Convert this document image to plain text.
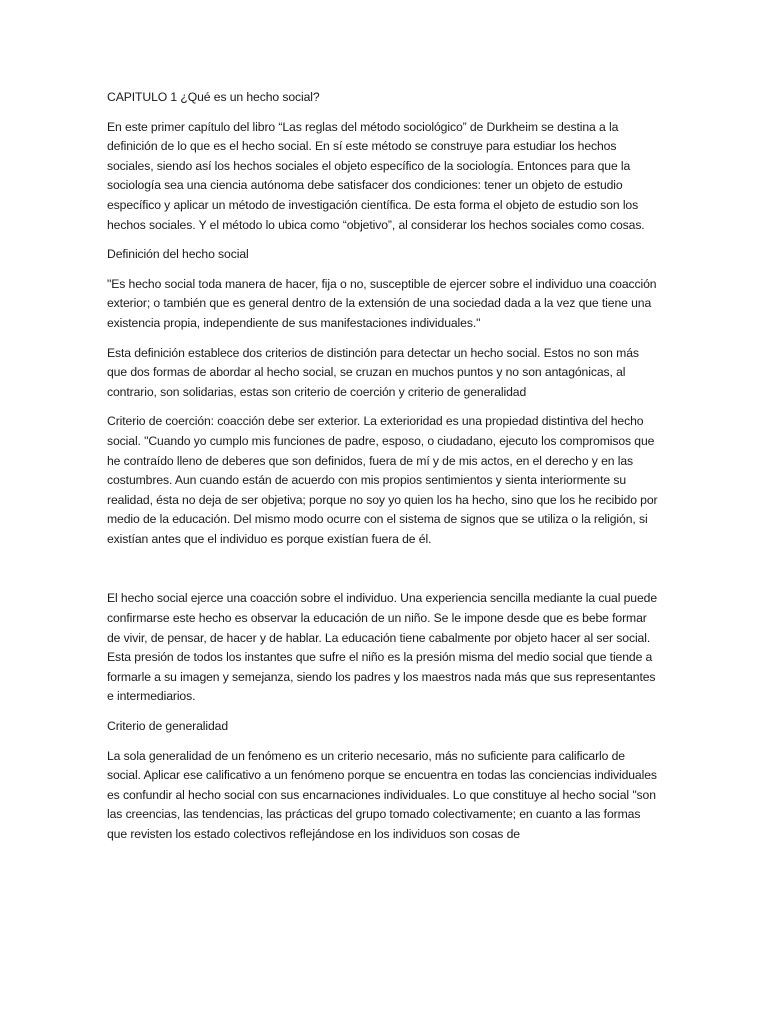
CAPITULO 1 ¿Qué es un hecho social?

En este primer capítulo del libro “Las reglas del método sociológico” de Durkheim se destina a la definición de lo que es el hecho social. En sí este método se construye para estudiar los hechos sociales, siendo así los hechos sociales el objeto específico de la sociología. Entonces para que la sociología sea una ciencia autónoma debe satisfacer dos condiciones: tener un objeto de estudio específico y aplicar un método de investigación científica. De esta forma el objeto de estudio son los hechos sociales. Y el método lo ubica como “objetivo”, al considerar los hechos sociales como cosas.

Definición del hecho social

"Es hecho social toda manera de hacer, fija o no, susceptible de ejercer sobre el individuo una coacción exterior; o también que es general dentro de la extensión de una sociedad dada a la vez que tiene una existencia propia, independiente de sus manifestaciones individuales."

Esta definición establece dos criterios de distinción para detectar un hecho social. Estos no son más que dos formas de abordar al hecho social, se cruzan en muchos puntos y no son antagónicas, al contrario, son solidarias, estas son criterio de coerción y criterio de generalidad

Criterio de coerción: coacción debe ser exterior. La exterioridad es una propiedad distintiva del hecho social. "Cuando yo cumplo mis funciones de padre, esposo, o ciudadano, ejecuto los compromisos que he contraído lleno de deberes que son definidos, fuera de mí y de mis actos, en el derecho y en las costumbres. Aun cuando están de acuerdo con mis propios sentimientos y sienta interiormente su realidad, ésta no deja de ser objetiva; porque no soy yo quien los ha hecho, sino que los he recibido por medio de la educación. Del mismo modo ocurre con el sistema de signos que se utiliza o la religión, si existían antes que el individuo es porque existían fuera de él.

El hecho social ejerce una coacción sobre el individuo. Una experiencia sencilla mediante la cual puede confirmarse este hecho es observar la educación de un niño. Se le impone desde que es bebe formar de vivir, de pensar, de hacer y de hablar. La educación tiene cabalmente por objeto hacer al ser social. Esta presión de todos los instantes que sufre el niño es la presión misma del medio social que tiende a formarle a su imagen y semejanza, siendo los padres y los maestros nada más que sus representantes e intermediarios.

Criterio de generalidad

La sola generalidad de un fenómeno es un criterio necesario, más no suficiente para calificarlo de social. Aplicar ese calificativo a un fenómeno porque se encuentra en todas las conciencias individuales es confundir al hecho social con sus encarnaciones individuales. Lo que constituye al hecho social "son las creencias, las tendencias, las prácticas del grupo tomado colectivamente; en cuanto a las formas que revisten los estado colectivos reflejándose en los individuos son cosas de
